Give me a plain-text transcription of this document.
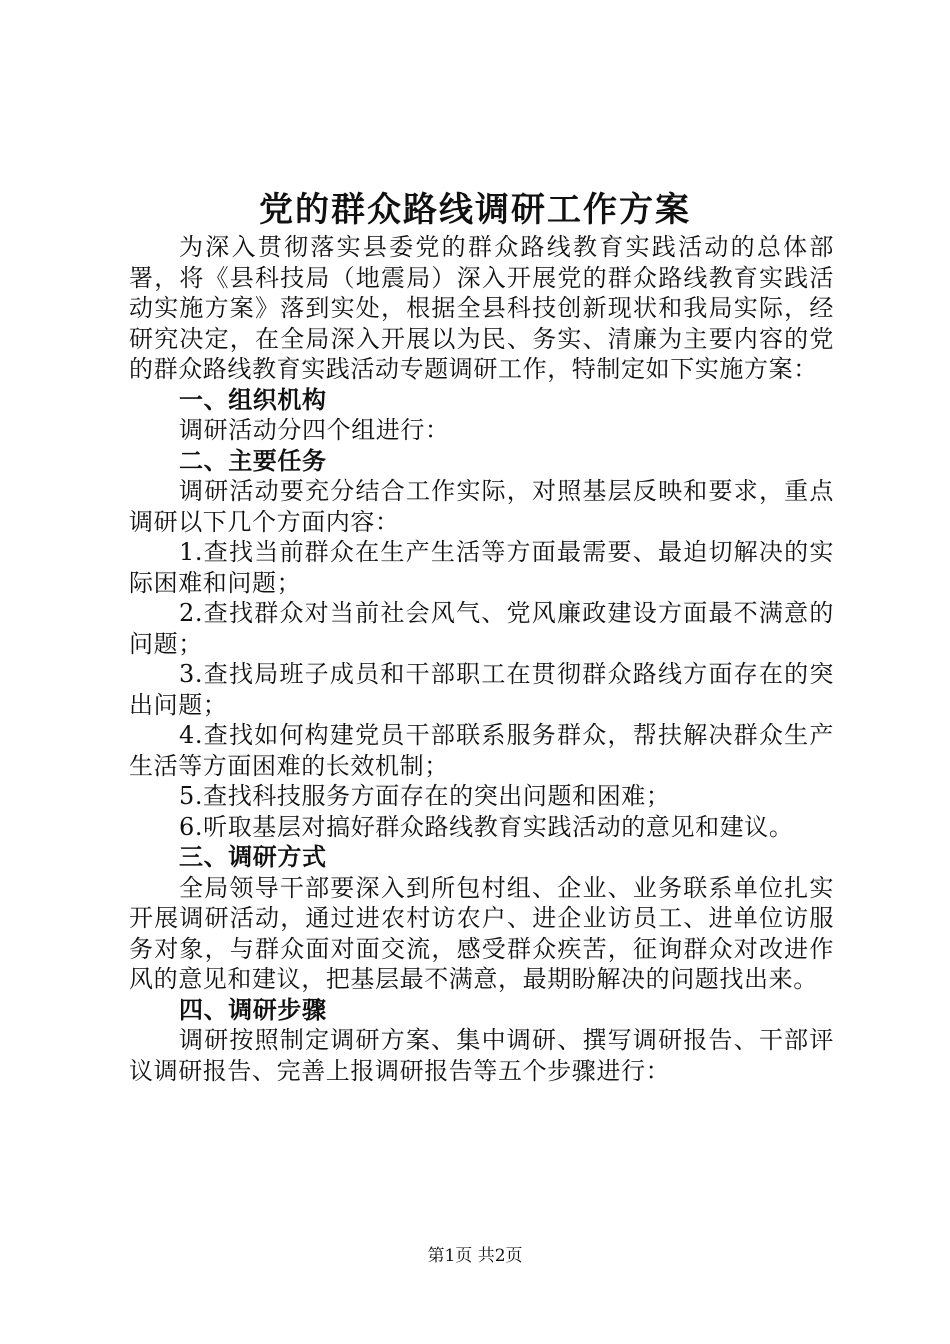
党的群众路线调研工作方案

为深入贯彻落实县委党的群众路线教育实践活动的总体部署，将《县科技局（地震局）深入开展党的群众路线教育实践活动实施方案》落到实处，根据全县科技创新现状和我局实际，经研究决定，在全局深入开展以为民、务实、清廉为主要内容的党的群众路线教育实践活动专题调研工作，特制定如下实施方案：

一、组织机构

调研活动分四个组进行：

二、主要任务

调研活动要充分结合工作实际，对照基层反映和要求，重点调研以下几个方面内容：

1.查找当前群众在生产生活等方面最需要、最迫切解决的实际困难和问题；

2.查找群众对当前社会风气、党风廉政建设方面最不满意的问题；

3.查找局班子成员和干部职工在贯彻群众路线方面存在的突出问题；

4.查找如何构建党员干部联系服务群众，帮扶解决群众生产生活等方面困难的长效机制；

5.查找科技服务方面存在的突出问题和困难；

6.听取基层对搞好群众路线教育实践活动的意见和建议。

三、调研方式

全局领导干部要深入到所包村组、企业、业务联系单位扎实开展调研活动，通过进农村访农户、进企业访员工、进单位访服务对象，与群众面对面交流，感受群众疾苦，征询群众对改进作风的意见和建议，把基层最不满意，最期盼解决的问题找出来。

四、调研步骤

调研按照制定调研方案、集中调研、撰写调研报告、干部评议调研报告、完善上报调研报告等五个步骤进行：

第1页 共2页
